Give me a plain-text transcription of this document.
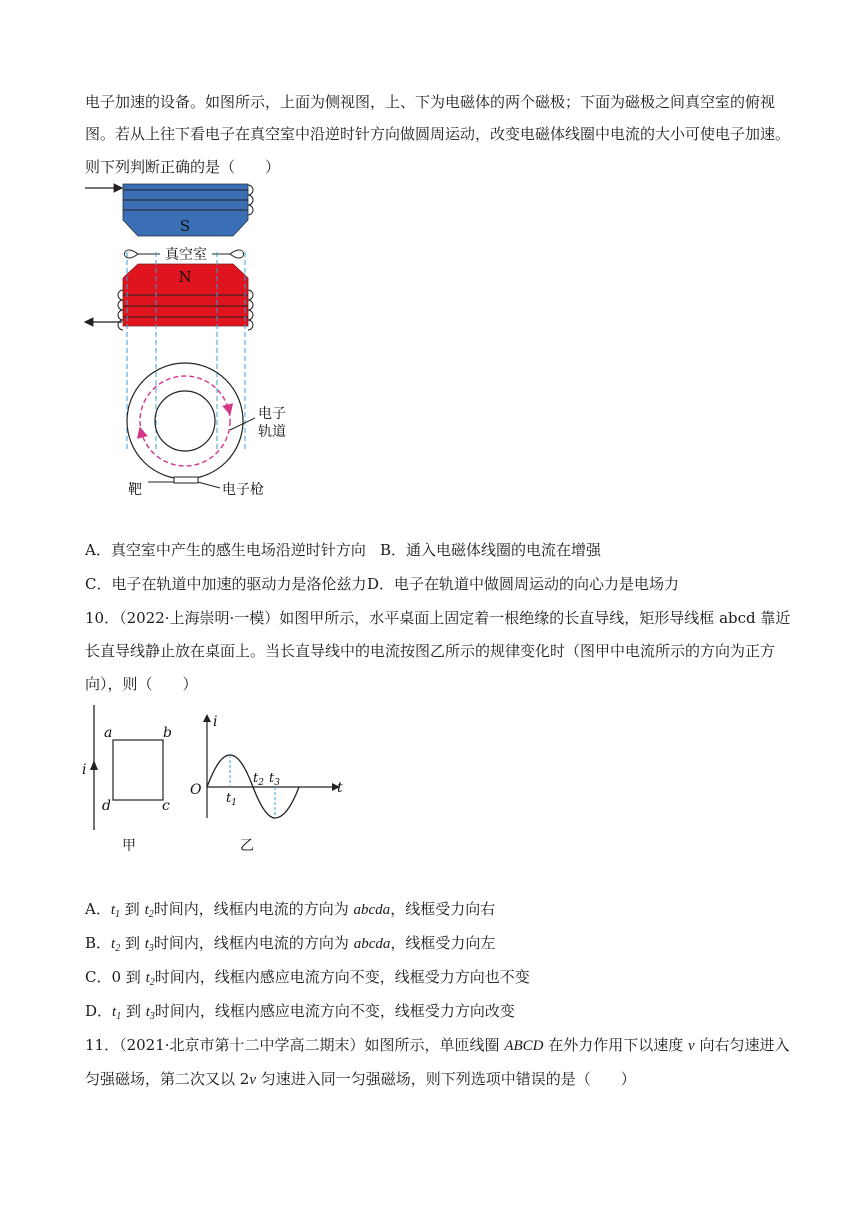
电子加速的设备。如图所示，上面为侧视图，上、下为电磁体的两个磁极；下面为磁极之间真空室的俯视
图。若从上往下看电子在真空室中沿逆时针方向做圆周运动，改变电磁体线圈中电流的大小可使电子加速。
则下列判断正确的是（　　）
S
真空室
N
电子
轨道
靶	电子枪
A．真空室中产生的感生电场沿逆时针方向 B．通入电磁体线圈的电流在增强
C．电子在轨道中加速的驱动力是洛伦兹力 D．电子在轨道中做圆周运动的向心力是电场力
10．（2022·上海崇明·一模）如图甲所示，水平桌面上固定着一根绝缘的长直导线，矩形导线框 abcd 靠近
长直导线静止放在桌面上。当长直导线中的电流按图乙所示的规律变化时（图甲中电流所示的方向为正方
向），则（　　）
i
a	b
c
d
甲
i
t
O
$t_1$
$t_2$ $t_3$
乙
A．$t_1$ 到 $t_2$时间内，线框内电流的方向为 abcda，线框受力向右
B．$t_2$ 到 $t_3$时间内，线框内电流的方向为 abcda，线框受力向左
C．0 到 $t_2$时间内，线框内感应电流方向不变，线框受力方向也不变
D．$t_1$ 到 $t_3$时间内，线框内感应电流方向不变，线框受力方向改变
11．（2021·北京市第十二中学高二期末）如图所示，单匝线圈 ABCD 在外力作用下以速度 v 向右匀速进入
匀强磁场，第二次又以 2v 匀速进入同一匀强磁场，则下列选项中错误的是（　　）
